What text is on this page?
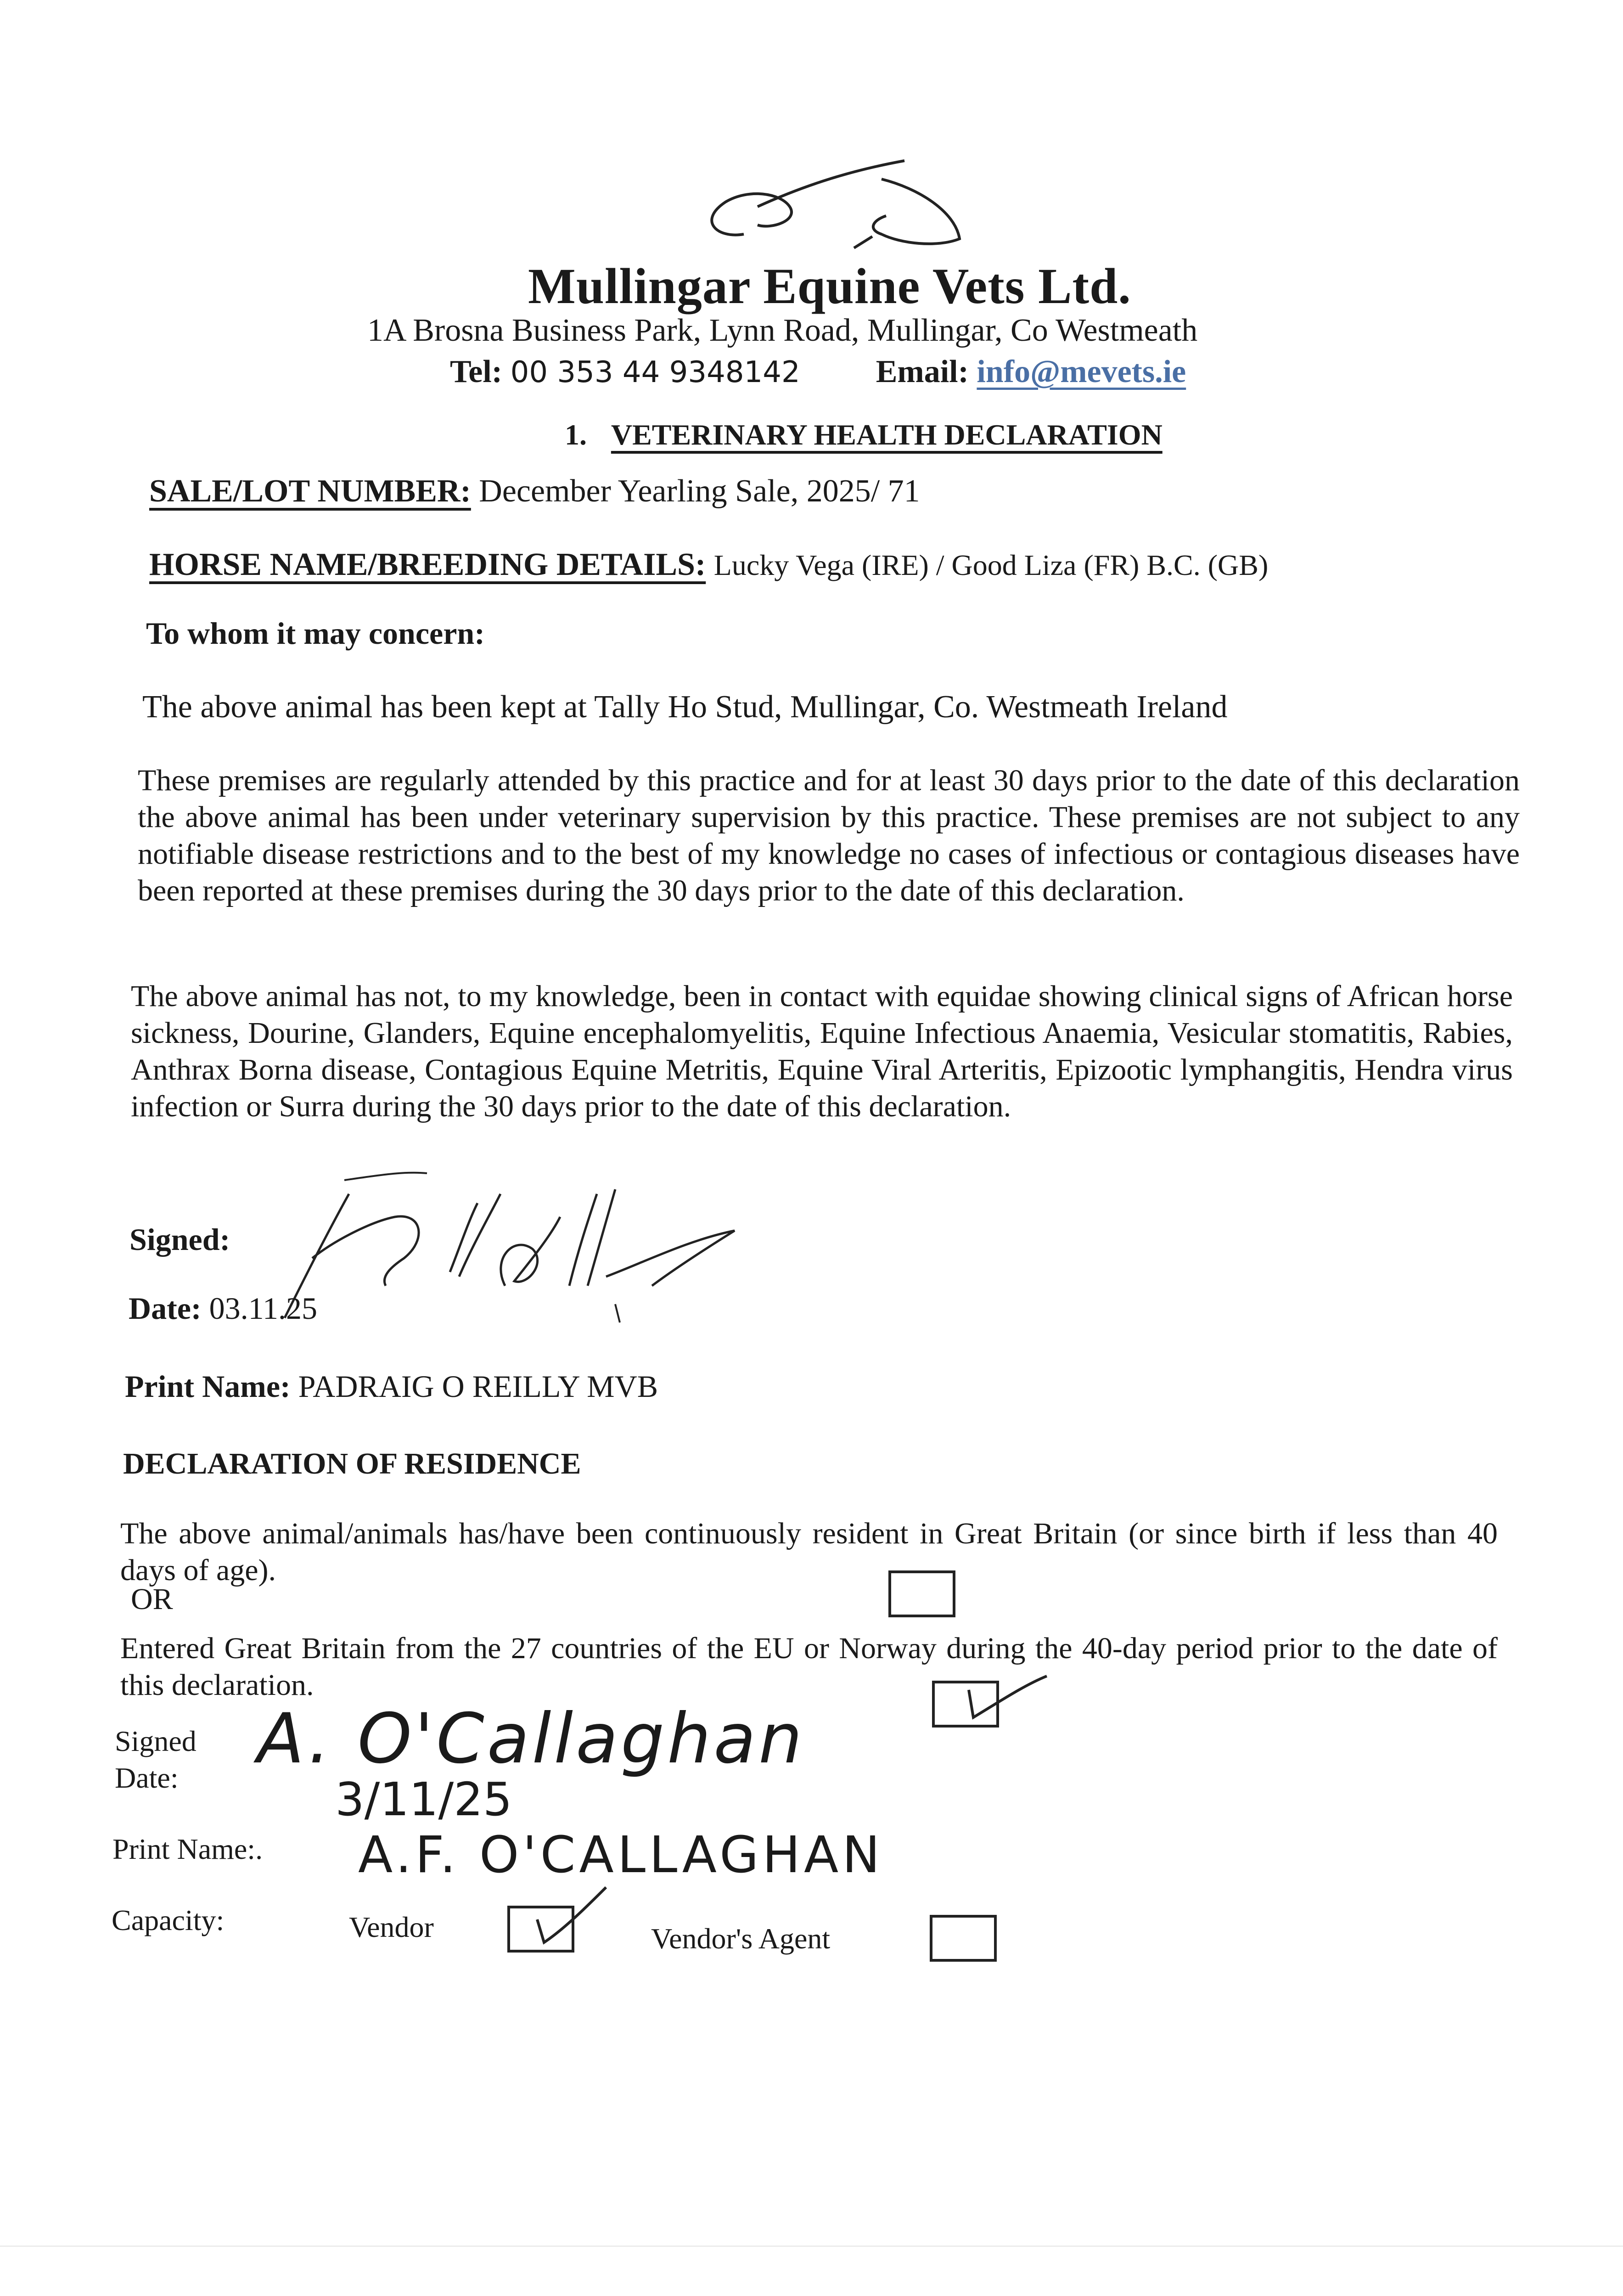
Mullingar Equine Vets Ltd.
1A Brosna Business Park, Lynn Road, Mullingar, Co Westmeath
Tel: 00 353 44 9348142 Email: info@mevets.ie
1. VETERINARY HEALTH DECLARATION
SALE/LOT NUMBER: December Yearling Sale, 2025/ 71
HORSE NAME/BREEDING DETAILS: Lucky Vega (IRE) / Good Liza (FR) B.C. (GB)
To whom it may concern:
The above animal has been kept at Tally Ho Stud, Mullingar, Co. Westmeath Ireland
These premises are regularly attended by this practice and for at least 30 days prior to the date of this declaration the above animal has been under veterinary supervision by this practice. These premises are not subject to any notifiable disease restrictions and to the best of my knowledge no cases of infectious or contagious diseases have been reported at these premises during the 30 days prior to the date of this declaration.
The above animal has not, to my knowledge, been in contact with equidae showing clinical signs of African horse sickness, Dourine, Glanders, Equine encephalomyelitis, Equine Infectious Anaemia, Vesicular stomatitis, Rabies, Anthrax Borna disease, Contagious Equine Metritis, Equine Viral Arteritis, Epizootic lymphangitis, Hendra virus infection or Surra during the 30 days prior to the date of this declaration.
Signed:
Date: 03.11.25
Print Name: PADRAIG O REILLY MVB
DECLARATION OF RESIDENCE
The above animal/animals has/have been continuously resident in Great Britain (or since birth if less than 40 days of age).
OR
Entered Great Britain from the 27 countries of the EU or Norway during the 40-day period prior to the date of this declaration.
Signed
Date: A. O'Callaghan
3/11/25
Print Name:. A.F. O'CALLAGHAN
Capacity:	Vendor	Vendor's Agent
